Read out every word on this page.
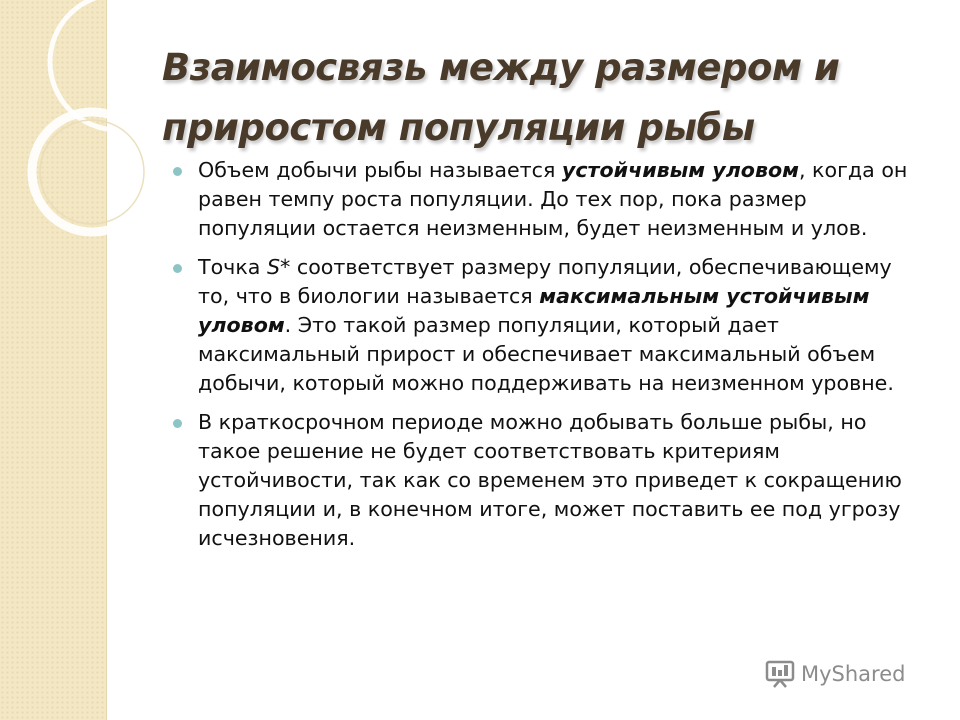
Взаимосвязь между размером и приростом популяции рыбы
Объем добычи рыбы называется устойчивым уловом, когда он равен темпу роста популяции. До тех пор, пока размер популяции остается неизменным, будет неизменным и улов.
Точка S* соответствует размеру популяции, обеспечивающему то, что в биологии называется максимальным устойчивым уловом. Это такой размер популяции, который дает максимальный прирост и обеспечивает максимальный объем добычи, который можно поддерживать на неизменном уровне.
В краткосрочном периоде можно добывать больше рыбы, но такое решение не будет соответствовать критериям устойчивости, так как со временем это приведет к сокращению популяции и, в конечном итоге, может поставить ее под угрозу исчезновения.
MyShared
